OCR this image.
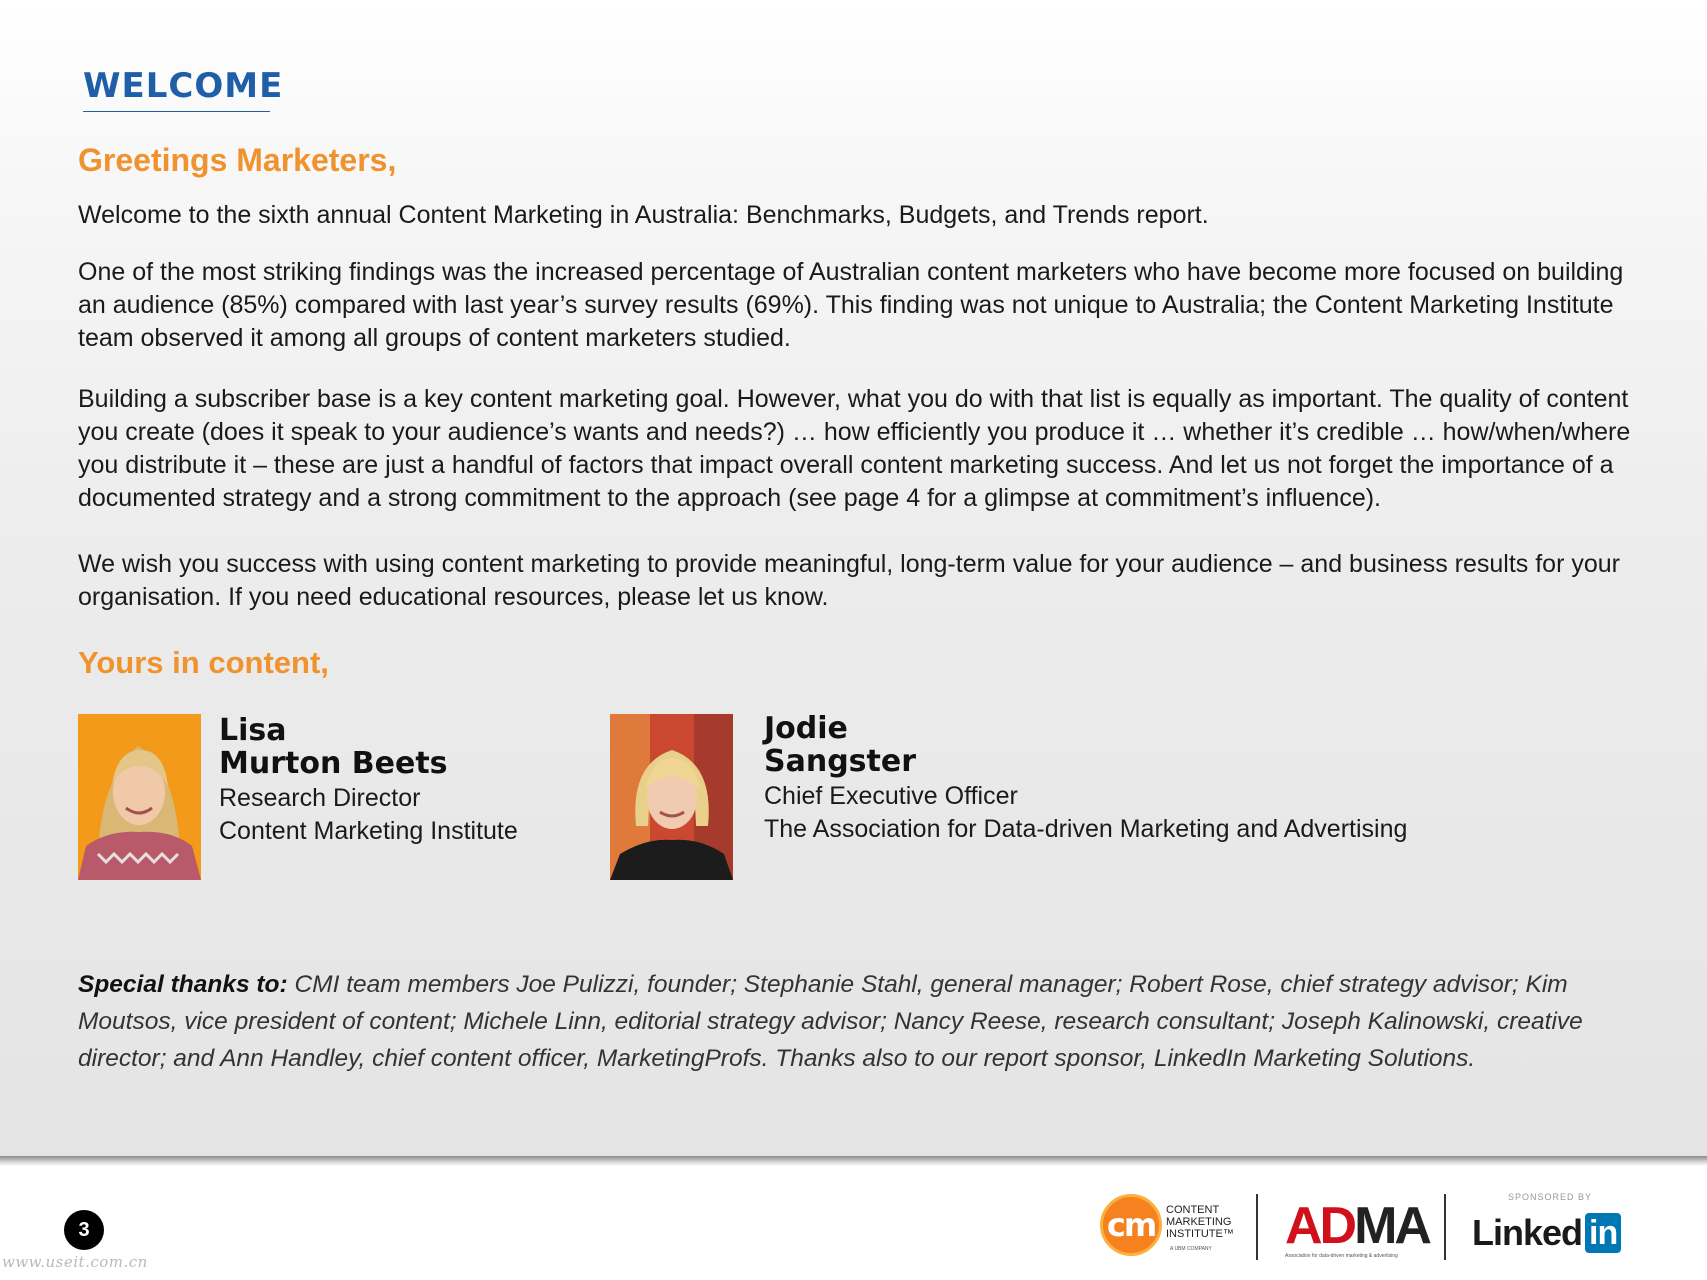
WELCOME
Greetings Marketers,
Welcome to the sixth annual Content Marketing in Australia: Benchmarks, Budgets, and Trends report.
One of the most striking findings was the increased percentage of Australian content marketers who have become more focused on building an audience (85%) compared with last year’s survey results (69%). This finding was not unique to Australia; the Content Marketing Institute team observed it among all groups of content marketers studied.
Building a subscriber base is a key content marketing goal. However, what you do with that list is equally as important. The quality of content you create (does it speak to your audience’s wants and needs?) … how efficiently you produce it … whether it’s credible … how/when/where you distribute it – these are just a handful of factors that impact overall content marketing success. And let us not forget the importance of a documented strategy and a strong commitment to the approach (see page 4 for a glimpse at commitment’s influence).
We wish you success with using content marketing to provide meaningful, long-term value for your audience – and business results for your organisation. If you need educational resources, please let us know.
Yours in content,
Lisa
Murton Beets
Research Director
Content Marketing Institute
Jodie
Sangster
Chief Executive Officer
The Association for Data-driven Marketing and Advertising
Special thanks to: CMI team members Joe Pulizzi, founder; Stephanie Stahl, general manager; Robert Rose, chief strategy advisor; Kim Moutsos, vice president of content; Michele Linn, editorial strategy advisor; Nancy Reese, research consultant; Joseph Kalinowski, creative director; and Ann Handley, chief content officer, MarketingProfs. Thanks also to our report sponsor, LinkedIn Marketing Solutions.
3
www.useit.com.cn
cm CONTENT
MARKETING
INSTITUTE™
A UBM COMPANY ADMA
Association for data-driven marketing & advertising
SPONSORED BY
Linked in
